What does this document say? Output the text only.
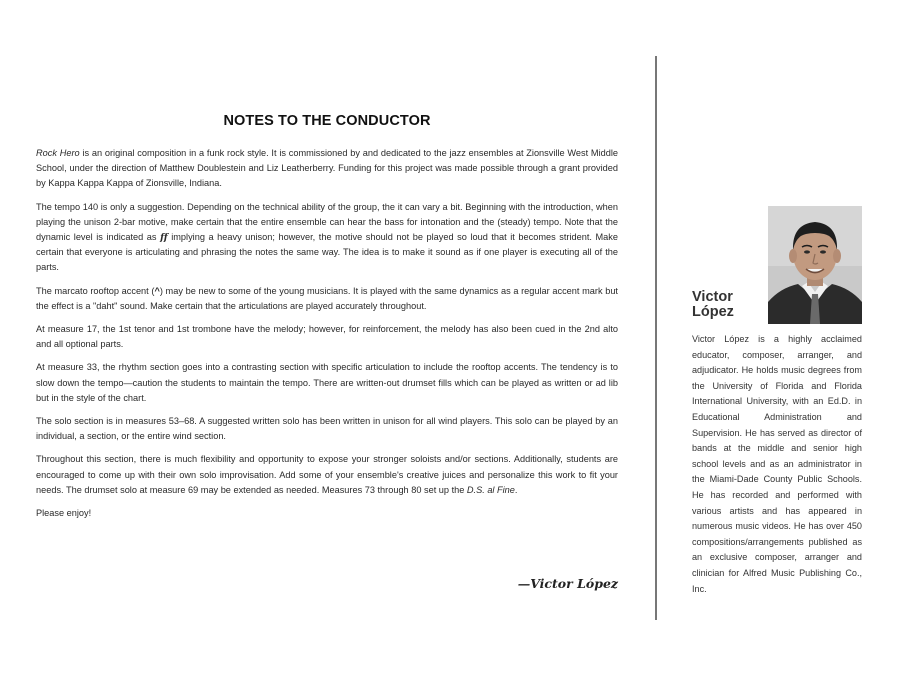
NOTES TO THE CONDUCTOR

Rock Hero is an original composition in a funk rock style. It is commissioned by and dedicated to the jazz ensembles at Zionsville West Middle School, under the direction of Matthew Doublestein and Liz Leatherberry. Funding for this project was made possible through a grant provided by Kappa Kappa Kappa of Zionsville, Indiana.

The tempo 140 is only a suggestion. Depending on the technical ability of the group, the it can vary a bit. Beginning with the introduction, when playing the unison 2-bar motive, make certain that the entire ensemble can hear the bass for intonation and the (steady) tempo. Note that the dynamic level is indicated as ff implying a heavy unison; however, the motive should not be played so loud that it becomes strident. Make certain that everyone is articulating and phrasing the notes the same way. The idea is to make it sound as if one player is executing all of the parts.

The marcato rooftop accent (^) may be new to some of the young musicians. It is played with the same dynamics as a regular accent mark but the effect is a "daht" sound. Make certain that the articulations are played accurately throughout.

At measure 17, the 1st tenor and 1st trombone have the melody; however, for reinforcement, the melody has also been cued in the 2nd alto and all optional parts.

At measure 33, the rhythm section goes into a contrasting section with specific articulation to include the rooftop accents. The tendency is to slow down the tempo—caution the students to maintain the tempo. There are written-out drumset fills which can be played as written or ad lib but in the style of the chart.

The solo section is in measures 53–68. A suggested written solo has been written in unison for all wind players. This solo can be played by an individual, a section, or the entire wind section.

Throughout this section, there is much flexibility and opportunity to expose your stronger soloists and/or sections. Additionally, students are encouraged to come up with their own solo improvisation. Add some of your ensemble's creative juices and personalize this work to fit your needs. The drumset solo at measure 69 may be extended as needed. Measures 73 through 80 set up the D.S. al Fine.

Please enjoy!

—Victor López
Victor
López
Victor López is a highly acclaimed educator, composer, arranger, and adjudicator. He holds music degrees from the University of Florida and Florida International University, with an Ed.D. in Educational Administration and Supervision. He has served as director of bands at the middle and senior high school levels and as an administrator in the Miami-Dade County Public Schools. He has recorded and performed with various artists and has appeared in numerous music videos. He has over 450 compositions/arrangements published as an exclusive composer, arranger and clinician for Alfred Music Publishing Co., Inc.
